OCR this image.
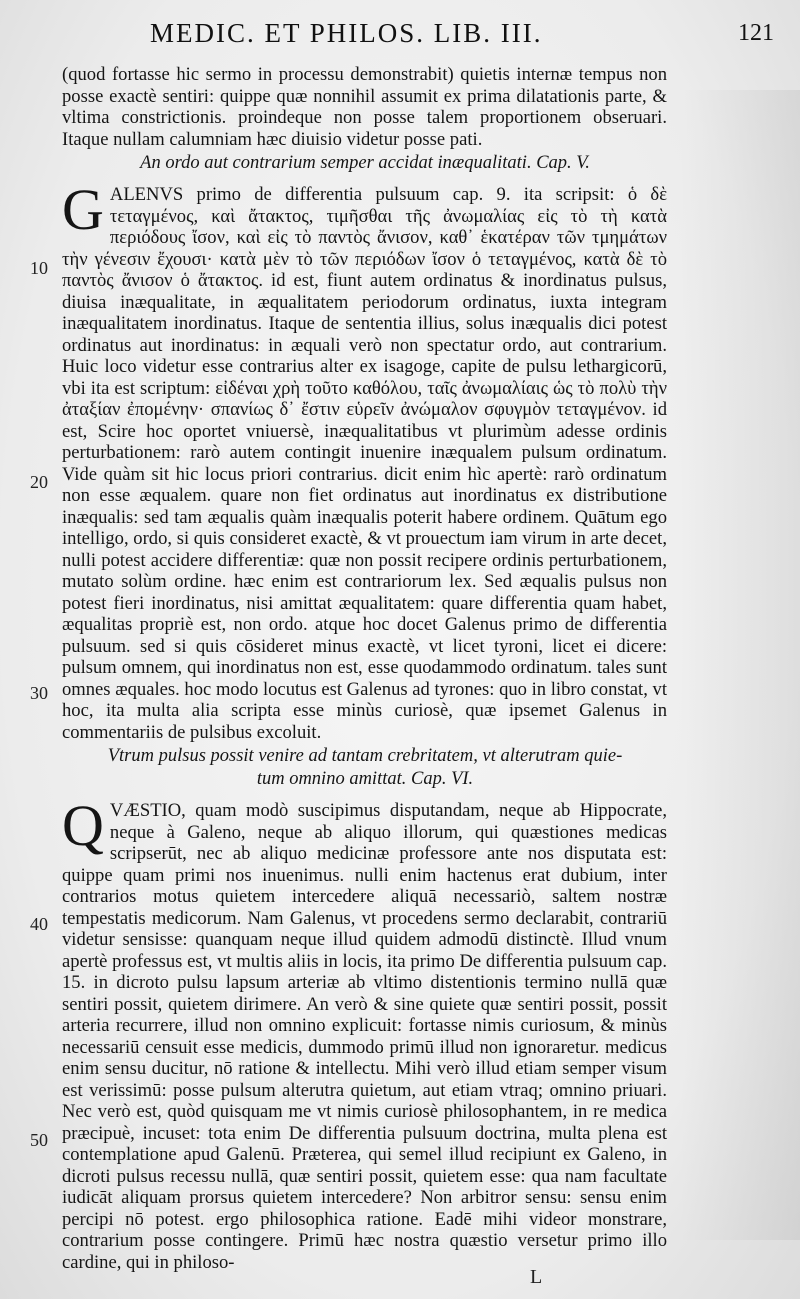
MEDIC. ET PHILOS. LIB. III.	121

(quod fortasse hic sermo in processu demonstrabit) quietis internæ tempus non posse exactè sentiri: quippe quæ nonnihil assumit ex prima dilatationis parte, & vltima constrictionis. proindeque non posse talem proportionem obseruari. Itaque nullam calumniam hæc diuisio videtur posse pati.

An ordo aut contrarium semper accidat inæqualitati. Cap. V.

GALENVS primo de differentia pulsuum cap. 9. ita scripsit: ὁ δὲ τεταγμένος, καὶ ἄτακτος, τιμῆσθαι τῆς ἀνωμαλίας εἰς τὸ τὴ κατὰ περιόδους ἴσον, καὶ εἰς τὸ παντὸς ἄνισον, καθ᾽ ἑκατέραν τῶν τμημάτων τὴν γένεσιν ἔχουσι· κατὰ μὲν τὸ τῶν περιόδων ἴσον ὁ τεταγμένος, κατὰ δὲ τὸ παντὸς ἄνισον ὁ ἄτακτος. id est, fiunt autem ordinatus & inordinatus pulsus, diuisa inæqualitate, in æqualitatem periodorum ordinatus, iuxta integram inæqualitatem inordinatus. Itaque de sententia illius, solus inæqualis dici potest ordinatus aut inordinatus: in æquali verò non spectatur ordo, aut contrarium. Huic loco videtur esse contrarius alter ex isagoge, capite de pulsu lethargicorū, vbi ita est scriptum: εἰδέναι χρὴ τοῦτο καθόλου, ταῖς ἀνωμαλίαις ὡς τὸ πολὺ τὴν ἀταξίαν ἐπομένην· σπανίως δ᾽ ἔστιν εὑρεῖν ἀνώμαλον σφυγμὸν τεταγμένον. id est, Scire hoc oportet vniuersè, inæqualitatibus vt plurimùm adesse ordinis perturbationem: rarò autem contingit inuenire inæqualem pulsum ordinatum. Vide quàm sit hic locus priori contrarius. dicit enim hìc apertè: rarò ordinatum non esse æqualem. quare non fiet ordinatus aut inordinatus ex distributione inæqualis: sed tam æqualis quàm inæqualis poterit habere ordinem. Quātum ego intelligo, ordo, si quis consideret exactè, & vt prouectum iam virum in arte decet, nulli potest accidere differentiæ: quæ non possit recipere ordinis perturbationem, mutato solùm ordine. hæc enim est contrariorum lex. Sed æqualis pulsus non potest fieri inordinatus, nisi amittat æqualitatem: quare differentia quam habet, æqualitas propriè est, non ordo. atque hoc docet Galenus primo de differentia pulsuum. sed si quis cōsideret minus exactè, vt licet tyroni, licet ei dicere: pulsum omnem, qui inordinatus non est, esse quodammodo ordinatum. tales sunt omnes æquales. hoc modo locutus est Galenus ad tyrones: quo in libro constat, vt hoc, ita multa alia scripta esse minùs curiosè, quæ ipsemet Galenus in commentariis de pulsibus excoluit.

Vtrum pulsus possit venire ad tantam crebritatem, vt alterutram quie-
tum omnino amittat. Cap. VI.

QVÆSTIO, quam modò suscipimus disputandam, neque ab Hippocrate, neque à Galeno, neque ab aliquo illorum, qui quæstiones medicas scripserūt, nec ab aliquo medicinæ professore ante nos disputata est: quippe quam primi nos inuenimus. nulli enim hactenus erat dubium, inter contrarios motus quietem intercedere aliquā necessariò, saltem nostræ tempestatis medicorum. Nam Galenus, vt procedens sermo declarabit, contrariū videtur sensisse: quanquam neque illud quidem admodū distinctè. Illud vnum apertè professus est, vt multis aliis in locis, ita primo De differentia pulsuum cap. 15. in dicroto pulsu lapsum arteriæ ab vltimo distentionis termino nullā quæ sentiri possit, quietem dirimere. An verò & sine quiete quæ sentiri possit, possit arteria recurrere, illud non omnino explicuit: fortasse nimis curiosum, & minùs necessariū censuit esse medicis, dummodo primū illud non ignoraretur. medicus enim sensu ducitur, nō ratione & intellectu. Mihi verò illud etiam semper visum est verissimū: posse pulsum alterutra quietum, aut etiam vtraq; omnino priuari. Nec verò est, quòd quisquam me vt nimis curiosè philosophantem, in re medica præcipuè, incuset: tota enim De differentia pulsuum doctrina, multa plena est contemplatione apud Galenū. Præterea, qui semel illud recipiunt ex Galeno, in dicroti pulsus recessu nullā, quæ sentiri possit, quietem esse: qua nam facultate iudicāt aliquam prorsus quietem intercedere? Non arbitror sensu: sensu enim percipi nō potest. ergo philosophica ratione. Eadē mihi videor monstrare, contrarium posse contingere. Primū hæc nostra quæstio versetur primo illo cardine, qui in philoso-

10
20
30
40
50
L
